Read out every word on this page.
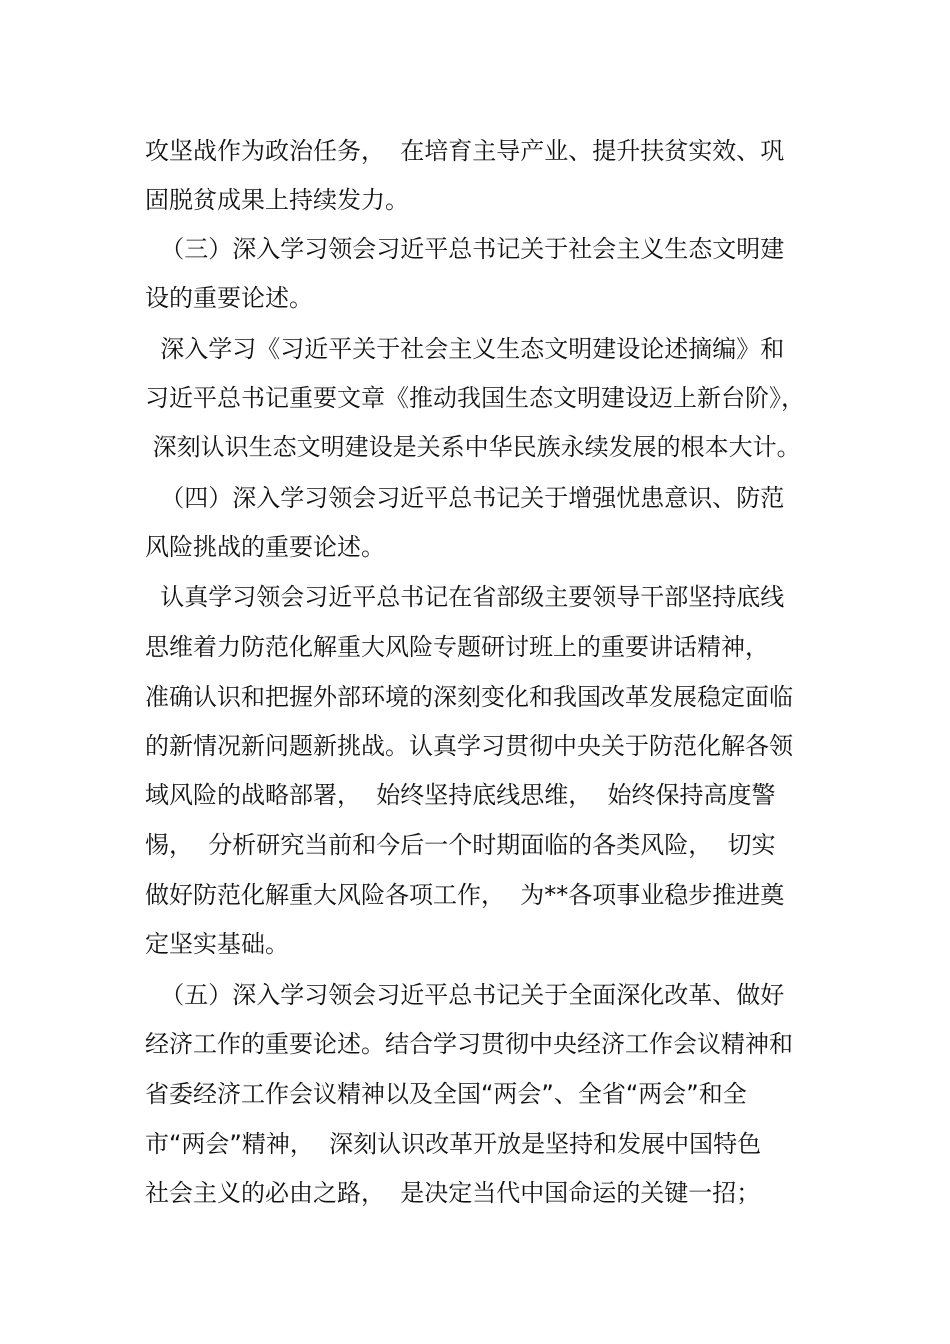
攻坚战作为政治任务，  在培育主导产业、提升扶贫实效、巩
固脱贫成果上持续发力。
（三）深入学习领会习近平总书记关于社会主义生态文明建
设的重要论述。
深入学习《习近平关于社会主义生态文明建设论述摘编》和
习近平总书记重要文章《推动我国生态文明建设迈上新台阶》，
深刻认识生态文明建设是关系中华民族永续发展的根本大计。
（四）深入学习领会习近平总书记关于增强忧患意识、防范
风险挑战的重要论述。
认真学习领会习近平总书记在省部级主要领导干部坚持底线
思维着力防范化解重大风险专题研讨班上的重要讲话精神，
准确认识和把握外部环境的深刻变化和我国改革发展稳定面临
的新情况新问题新挑战。认真学习贯彻中央关于防范化解各领
域风险的战略部署，  始终坚持底线思维，  始终保持高度警
惕，  分析研究当前和今后一个时期面临的各类风险，  切实
做好防范化解重大风险各项工作，  为**各项事业稳步推进奠
定坚实基础。
（五）深入学习领会习近平总书记关于全面深化改革、做好
经济工作的重要论述。结合学习贯彻中央经济工作会议精神和
省委经济工作会议精神以及全国“两会”、全省“两会”和全
市“两会”精神，  深刻认识改革开放是坚持和发展中国特色
社会主义的必由之路，  是决定当代中国命运的关键一招；
